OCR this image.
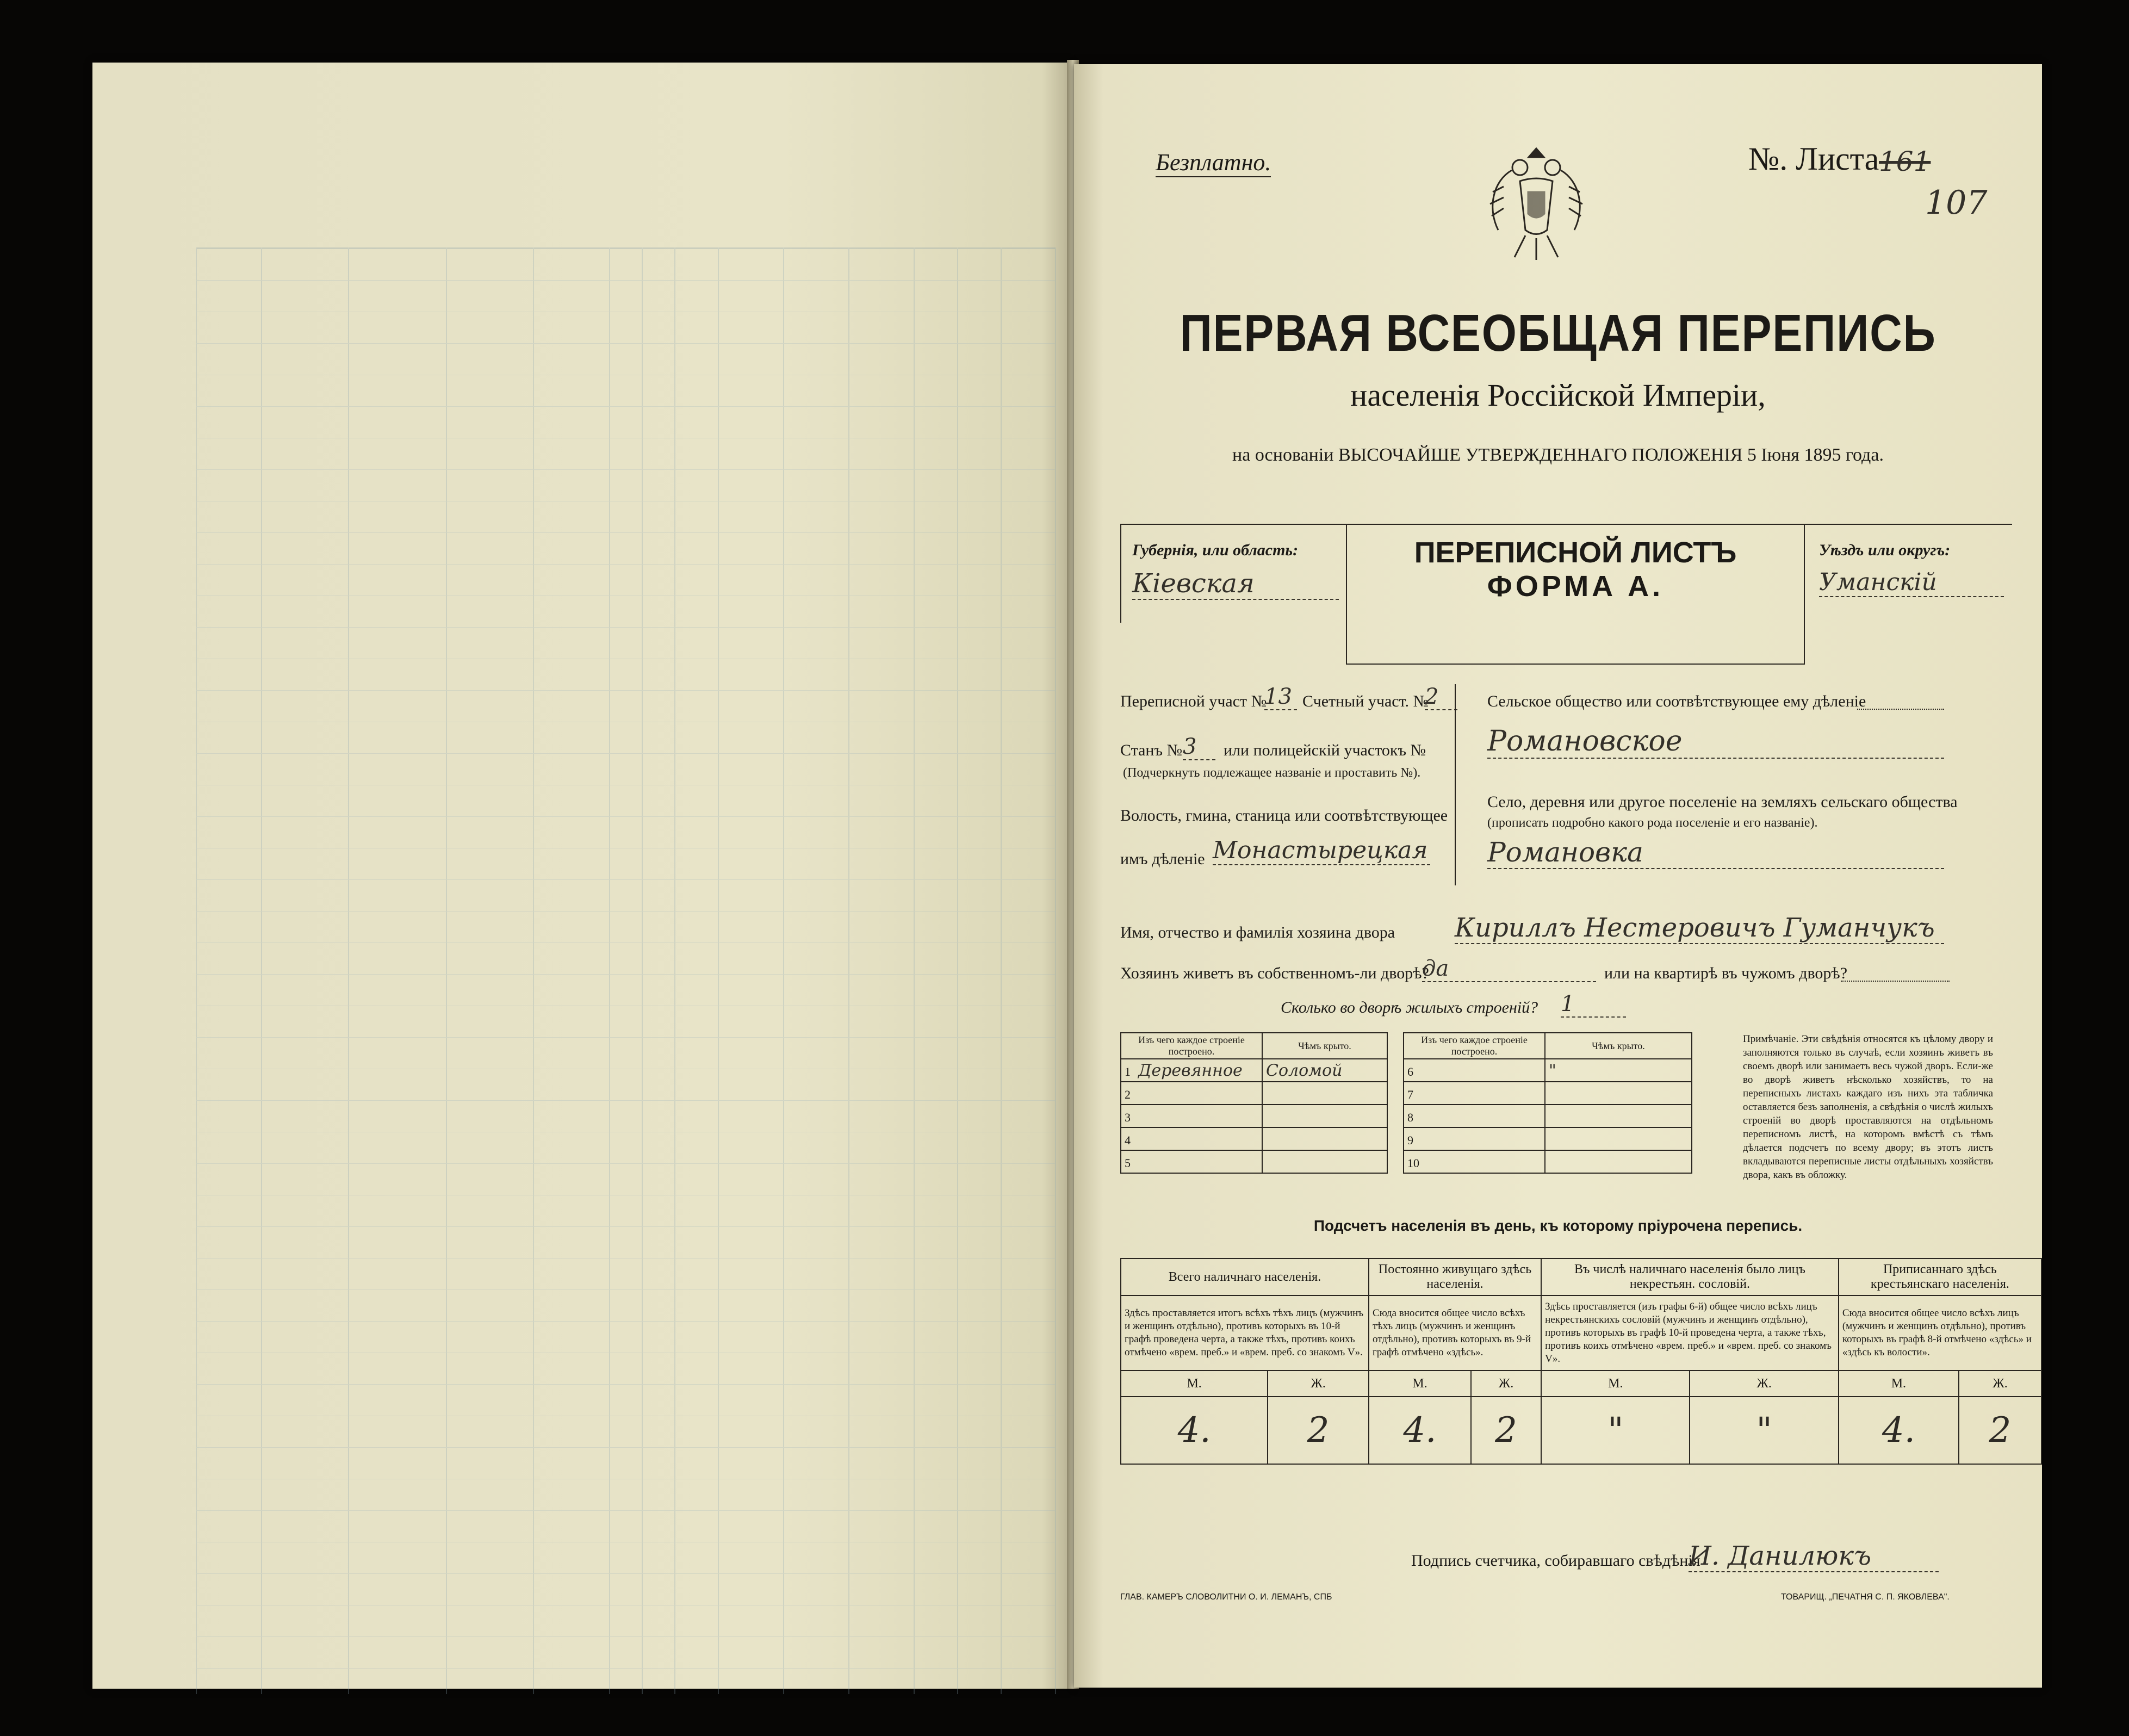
Безплатно.	№. Листа 161
107
ПЕРВАЯ ВСЕОБЩАЯ ПЕРЕПИСЬ
населенія Россійской Имперіи,
на основаніи ВЫСОЧАЙШЕ УТВЕРЖДЕННАГО ПОЛОЖЕНІЯ 5 Іюня 1895 года.
Губернія, или область:
Кіевская
ПЕРЕПИСНОЙ ЛИСТЪ
ФОРМА А.
Уѣздъ или округъ:
Уманскій
Переписной участ №
13 Счетный участ. №
2
Станъ № 3	или полицейскій участокъ №
(Подчеркнуть подлежащее названіе и проставить №).
Волость, гмина, станица или соотвѣтствующее
имъ дѣленіе Монастырецкая
Сельское общество или соотвѣтствующее ему дѣленіе
Романовское
Село, деревня или другое поселеніе на земляхъ сельскаго общества
(прописать подробно какого рода поселеніе и его названіе).
Романовка
Имя, отчество и фамилія хозяина двора Кириллъ Нестеровичъ Гуманчукъ
Хозяинъ живетъ въ собственномъ-ли дворѣ?
да	или на квартирѣ въ чужомъ дворѣ?
Сколько во дворѣ жилыхъ строеній? 1
Изъ чего каждое строеніе построено.	Чѣмъ крыто.		Изъ чего каждое строеніе построено.	Чѣмъ крыто.
1 Деревянное	Соломой		6	"
2			7	
3			8	
4			9	
5			10	
Примѣчаніе. Эти свѣдѣнія относятся къ цѣлому двору и заполняются только въ случаѣ, если хозяинъ живетъ въ своемъ дворѣ или занимаетъ весь чужой дворъ. Если-же во дворѣ живетъ нѣсколько хозяйствъ, то на переписныхъ листахъ каждаго изъ нихъ эта табличка оставляется безъ заполненія, а свѣдѣнія о числѣ жилыхъ строеній во дворѣ проставляются на отдѣльномъ переписномъ листѣ, на которомъ вмѣстѣ съ тѣмъ дѣлается подсчетъ по всему двору; въ этотъ листъ вкладываются переписные листы отдѣльныхъ хозяйствъ двора, какъ въ обложку.
Подсчетъ населенія въ день, къ которому пріурочена перепись.
Всего наличнаго населенія.		Постоянно живущаго здѣсь населенія.		Въ числѣ наличнаго населенія было лицъ некрестьян. сословій.		Приписаннаго здѣсь крестьянскаго населенія.	
Здѣсь проставляется итогъ всѣхъ тѣхъ лицъ (мужчинъ и женщинъ отдѣльно), противъ которыхъ въ 10-й графѣ проведена черта, а также тѣхъ, противъ коихъ отмѣчено «врем. преб.» и «врем. преб. со знакомъ V».		Сюда вносится общее число всѣхъ тѣхъ лицъ (мужчинъ и женщинъ отдѣльно), противъ которыхъ въ 9-й графѣ отмѣчено «здѣсь».		Здѣсь проставляется (изъ графы 6-й) общее число всѣхъ лицъ некрестьянскихъ сословій (мужчинъ и женщинъ отдѣльно), противъ которыхъ въ графѣ 10-й проведена черта, а также тѣхъ, противъ коихъ отмѣчено «врем. преб.» и «врем. преб. со знакомъ V».		Сюда вносится общее число всѣхъ лицъ (мужчинъ и женщинъ отдѣльно), противъ которыхъ въ графѣ 8-й отмѣчено «здѣсь» и «здѣсь къ волости».	
М.	Ж.	М.	Ж.	М.	Ж.	М.	Ж.
4.	2	4.	2	"	"	4.	2
Подпись счетчика, собиравшаго свѣдѣнія
И. Данилюкъ
ГЛАВ. КАМЕРЪ СЛОВОЛИТНИ О. И. ЛЕМАНЪ, СПБ	ТОВАРИЩ. „ПЕЧАТНЯ С. П. ЯКОВЛЕВА".
